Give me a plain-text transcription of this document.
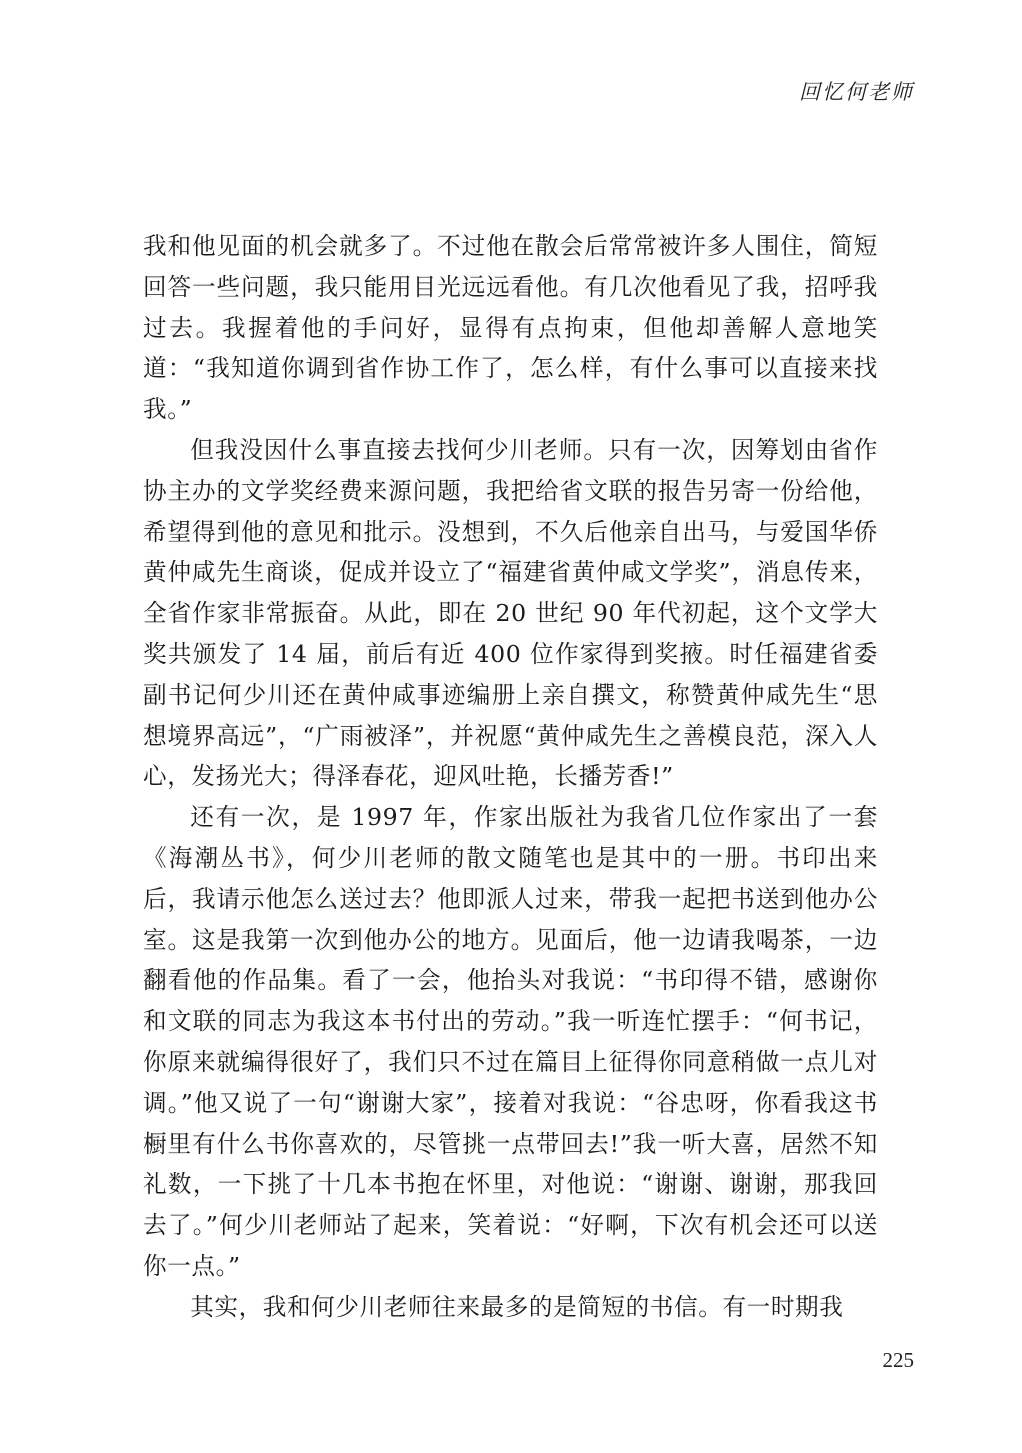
回忆何老师

我和他见面的机会就多了。不过他在散会后常常被许多人围住，简短回答一些问题，我只能用目光远远看他。有几次他看见了我，招呼我过去。我握着他的手问好，显得有点拘束，但他却善解人意地笑道：“我知道你调到省作协工作了，怎么样，有什么事可以直接来找我。”

但我没因什么事直接去找何少川老师。只有一次，因筹划由省作协主办的文学奖经费来源问题，我把给省文联的报告另寄一份给他，希望得到他的意见和批示。没想到，不久后他亲自出马，与爱国华侨黄仲咸先生商谈，促成并设立了“福建省黄仲咸文学奖”，消息传来，全省作家非常振奋。从此，即在 20 世纪 90 年代初起，这个文学大奖共颁发了 14 届，前后有近 400 位作家得到奖掖。时任福建省委副书记何少川还在黄仲咸事迹编册上亲自撰文，称赞黄仲咸先生“思想境界高远”，“广雨被泽”，并祝愿“黄仲咸先生之善模良范，深入人心，发扬光大；得泽春花，迎风吐艳，长播芳香!”

还有一次，是 1997 年，作家出版社为我省几位作家出了一套《海潮丛书》，何少川老师的散文随笔也是其中的一册。书印出来后，我请示他怎么送过去？他即派人过来，带我一起把书送到他办公室。这是我第一次到他办公的地方。见面后，他一边请我喝茶，一边翻看他的作品集。看了一会，他抬头对我说：“书印得不错，感谢你和文联的同志为我这本书付出的劳动。”我一听连忙摆手：“何书记，你原来就编得很好了，我们只不过在篇目上征得你同意稍做一点儿对调。”他又说了一句“谢谢大家”，接着对我说：“谷忠呀，你看我这书橱里有什么书你喜欢的，尽管挑一点带回去!”我一听大喜，居然不知礼数，一下挑了十几本书抱在怀里，对他说：“谢谢、谢谢，那我回去了。”何少川老师站了起来，笑着说：“好啊，下次有机会还可以送你一点。”

其实，我和何少川老师往来最多的是简短的书信。有一时期我

225
